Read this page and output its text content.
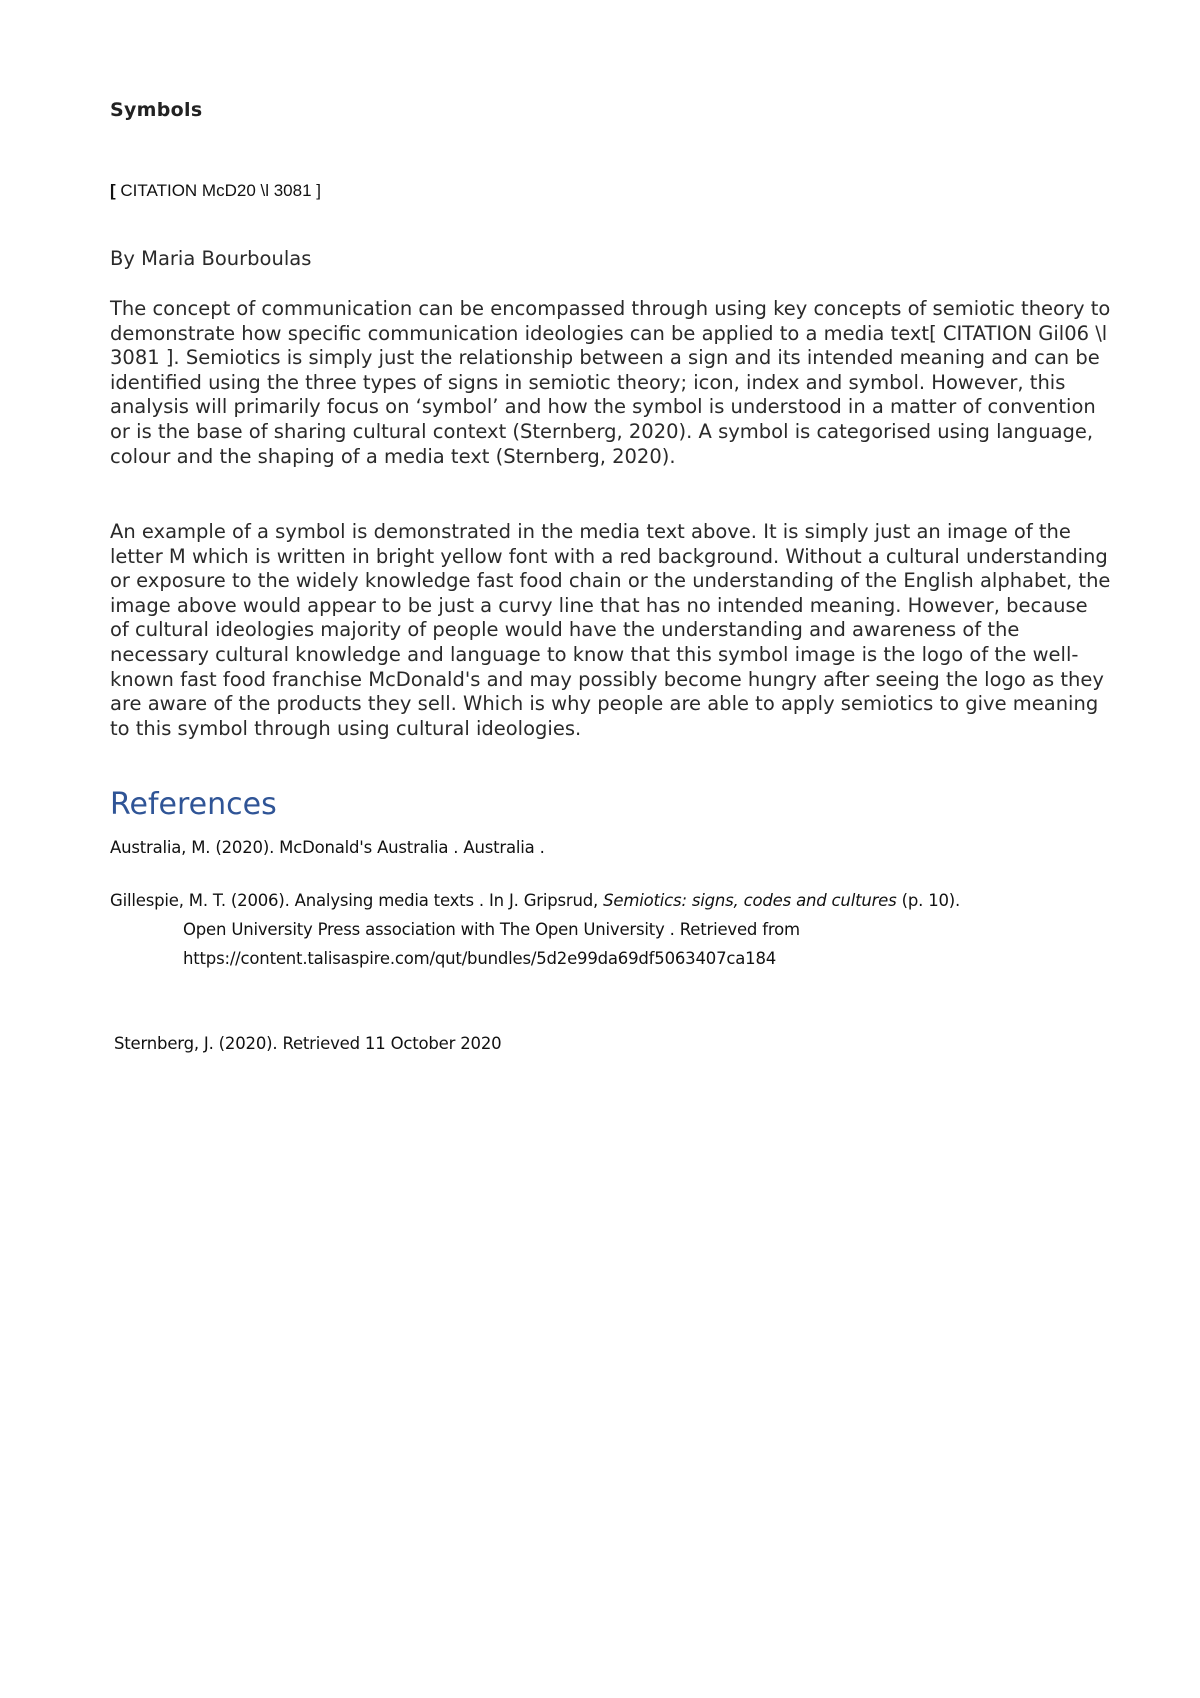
Symbols

[ CITATION McD20 \l 3081 ]

By Maria Bourboulas

The concept of communication can be encompassed through using key concepts of semiotic theory to demonstrate how specific communication ideologies can be applied to a media text[ CITATION Gil06 \l 3081 ]. Semiotics is simply just the relationship between a sign and its intended meaning and can be identified using the three types of signs in semiotic theory; icon, index and symbol. However, this analysis will primarily focus on ‘symbol’ and how the symbol is understood in a matter of convention or is the base of sharing cultural context (Sternberg, 2020). A symbol is categorised using language, colour and the shaping of a media text (Sternberg, 2020).

An example of a symbol is demonstrated in the media text above. It is simply just an image of the letter M which is written in bright yellow font with a red background. Without a cultural understanding or exposure to the widely knowledge fast food chain or the understanding of the English alphabet, the image above would appear to be just a curvy line that has no intended meaning. However, because of cultural ideologies majority of people would have the understanding and awareness of the necessary cultural knowledge and language to know that this symbol image is the logo of the well-known fast food franchise McDonald's and may possibly become hungry after seeing the logo as they are aware of the products they sell. Which is why people are able to apply semiotics to give meaning to this symbol through using cultural ideologies.

References

Australia, M. (2020). McDonald's Australia . Australia .

Gillespie, M. T. (2006). Analysing media texts . In J. Gripsrud, Semiotics: signs, codes and cultures (p. 10).
Open University Press association with The Open University . Retrieved from
https://content.talisaspire.com/qut/bundles/5d2e99da69df5063407ca184

Sternberg, J. (2020). Retrieved 11 October 2020
